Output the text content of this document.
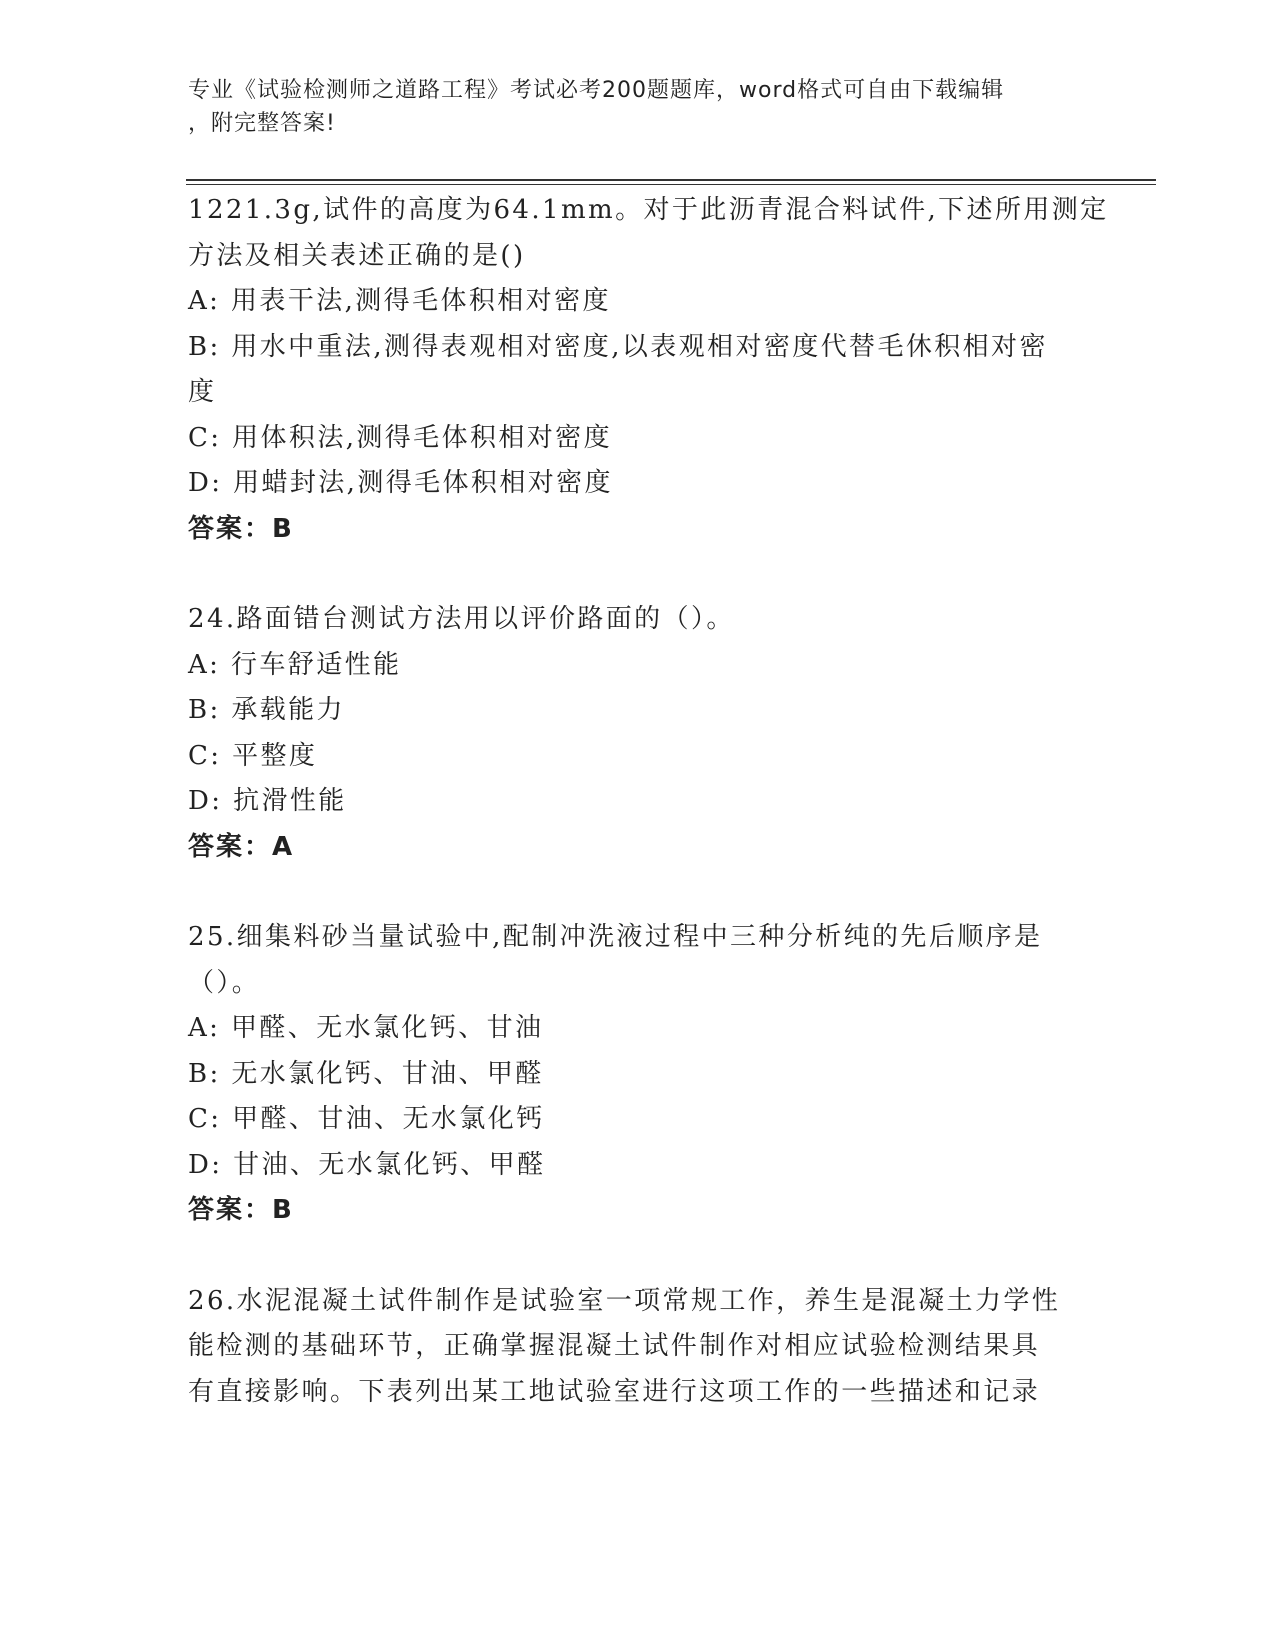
专业《试验检测师之道路工程》考试必考200题题库，word格式可自由下载编辑
，附完整答案!
1221.3g,试件的高度为64.1mm。对于此沥青混合料试件,下述所用测定
方法及相关表述正确的是()
A: 用表干法,测得毛体积相对密度
B: 用水中重法,测得表观相对密度,以表观相对密度代替毛休积相对密
度
C: 用体积法,测得毛体积相对密度
D: 用蜡封法,测得毛体积相对密度
答案：B
24.路面错台测试方法用以评价路面的（）。
A: 行车舒适性能
B: 承载能力
C: 平整度
D: 抗滑性能
答案：A
25.细集料砂当量试验中,配制冲洗液过程中三种分析纯的先后顺序是
（）。
A: 甲醛、无水氯化钙、甘油
B: 无水氯化钙、甘油、甲醛
C: 甲醛、甘油、无水氯化钙
D: 甘油、无水氯化钙、甲醛
答案：B
26.水泥混凝土试件制作是试验室一项常规工作，养生是混凝土力学性
能检测的基础环节，正确掌握混凝土试件制作对相应试验检测结果具
有直接影响。下表列出某工地试验室进行这项工作的一些描述和记录
